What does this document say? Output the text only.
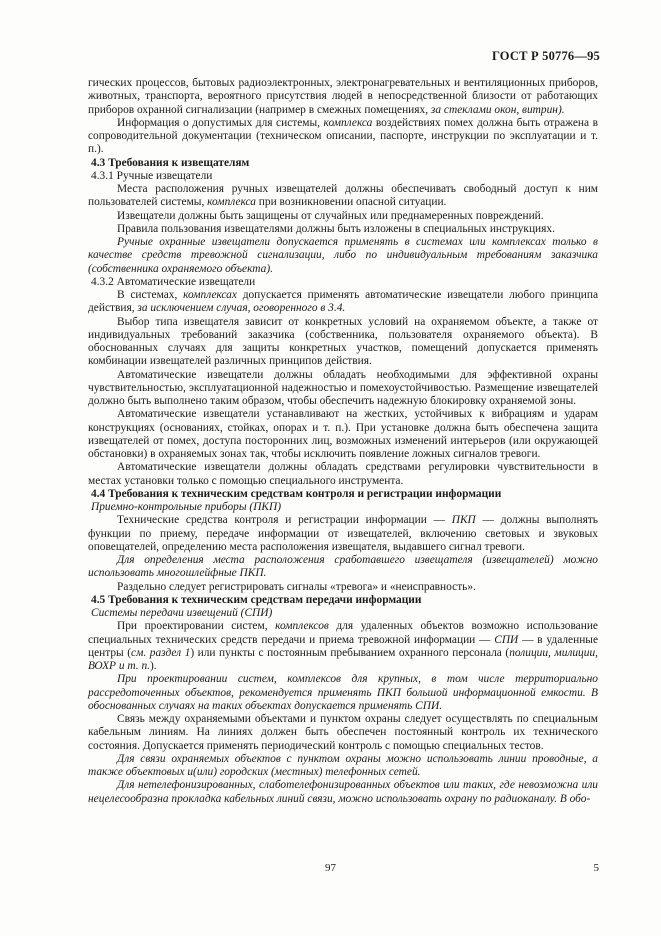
ГОСТ Р 50776—95

гических процессов, бытовых радиоэлектронных, электронагревательных и вентиляционных приборов, животных, транспорта, вероятного присутствия людей в непосредственной близости от работающих приборов охранной сигнализации (например в смежных помещениях, за стеклами окон, витрин).

Информация о допустимых для системы, комплекса воздействиях помех должна быть отражена в сопроводительной документации (техническом описании, паспорте, инструкции по эксплуатации и т. п.).

4.3 Требования к извещателям

4.3.1 Ручные извещатели

Места расположения ручных извещателей должны обеспечивать свободный доступ к ним пользователей системы, комплекса при возникновении опасной ситуации.

Извещатели должны быть защищены от случайных или преднамеренных повреждений.

Правила пользования извещателями должны быть изложены в специальных инструкциях.

Ручные охранные извещатели допускается применять в системах или комплексах только в качестве средств тревожной сигнализации, либо по индивидуальным требованиям заказчика (собственника охраняемого объекта).

4.3.2 Автоматические извещатели

В системах, комплексах допускается применять автоматические извещатели любого принципа действия, за исключением случая, оговоренного в 3.4.

Выбор типа извещателя зависит от конкретных условий на охраняемом объекте, а также от индивидуальных требований заказчика (собственника, пользователя охраняемого объекта). В обоснованных случаях для защиты конкретных участков, помещений допускается применять комбинации извещателей различных принципов действия.

Автоматические извещатели должны обладать необходимыми для эффективной охраны чувствительностью, эксплуатационной надежностью и помехоустойчивостью. Размещение извещателей должно быть выполнено таким образом, чтобы обеспечить надежную блокировку охраняемой зоны.

Автоматические извещатели устанавливают на жестких, устойчивых к вибрациям и ударам конструкциях (основаниях, стойках, опорах и т. п.). При установке должна быть обеспечена защита извещателей от помех, доступа посторонних лиц, возможных изменений интерьеров (или окружающей обстановки) в охраняемых зонах так, чтобы исключить появление ложных сигналов тревоги.

Автоматические извещатели должны обладать средствами регулировки чувствительности в местах установки только с помощью специального инструмента.

4.4 Требования к техническим средствам контроля и регистрации информации

Приемно-контрольные приборы (ПКП)

Технические средства контроля и регистрации информации — ПКП — должны выполнять функции по приему, передаче информации от извещателей, включению световых и звуковых оповещателей, определению места расположения извещателя, выдавшего сигнал тревоги.

Для определения места расположения сработавшего извещателя (извещателей) можно использовать многошлейфные ПКП.

Раздельно следует регистрировать сигналы «тревога» и «неисправность».

4.5 Требования к техническим средствам передачи информации

Системы передачи извещений (СПИ)

При проектировании систем, комплексов для удаленных объектов возможно использование специальных технических средств передачи и приема тревожной информации — СПИ — в удаленные центры (см. раздел 1) или пункты с постоянным пребыванием охранного персонала (полиции, милиции, ВОХР и т. п.).

При проектировании систем, комплексов для крупных, в том числе территориально рассредоточенных объектов, рекомендуется применять ПКП большой информационной емкости. В обоснованных случаях на таких объектах допускается применять СПИ.

Связь между охраняемыми объектами и пунктом охраны следует осуществлять по специальным кабельным линиям. На линиях должен быть обеспечен постоянный контроль их технического состояния. Допускается применять периодический контроль с помощью специальных тестов.

Для связи охраняемых объектов с пунктом охраны можно использовать линии проводные, а также объектовых и(или) городских (местных) телефонных сетей.

Для нетелефонизированных, слаботелефонизированных объектов или таких, где невозможна или нецелесообразна прокладка кабельных линий связи, можно использовать охрану по радиоканалу. В обо-

97	5
